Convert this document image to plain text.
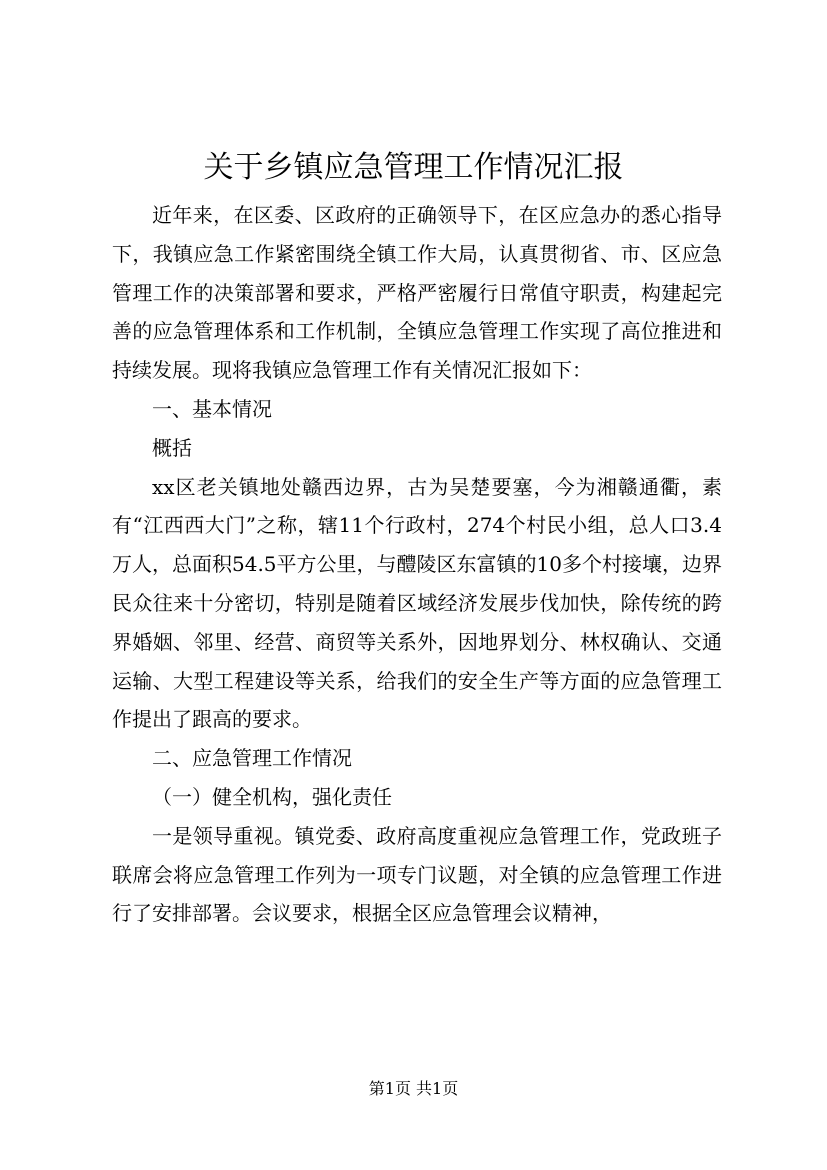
关于乡镇应急管理工作情况汇报

近年来，在区委、区政府的正确领导下，在区应急办的悉心指导下，我镇应急工作紧密围绕全镇工作大局，认真贯彻省、市、区应急管理工作的决策部署和要求，严格严密履行日常值守职责，构建起完善的应急管理体系和工作机制，全镇应急管理工作实现了高位推进和持续发展。现将我镇应急管理工作有关情况汇报如下：

一、基本情况

概括

xx区老关镇地处赣西边界，古为吴楚要塞，今为湘赣通衢，素有“江西西大门”之称，辖11个行政村，274个村民小组，总人口3.4万人，总面积54.5平方公里，与醴陵区东富镇的10多个村接壤，边界民众往来十分密切，特别是随着区域经济发展步伐加快，除传统的跨界婚姻、邻里、经营、商贸等关系外，因地界划分、林权确认、交通运输、大型工程建设等关系，给我们的安全生产等方面的应急管理工作提出了跟高的要求。

二、应急管理工作情况

（一）健全机构，强化责任

一是领导重视。镇党委、政府高度重视应急管理工作，党政班子联席会将应急管理工作列为一项专门议题，对全镇的应急管理工作进行了安排部署。会议要求，根据全区应急管理会议精神，

第1页 共1页
